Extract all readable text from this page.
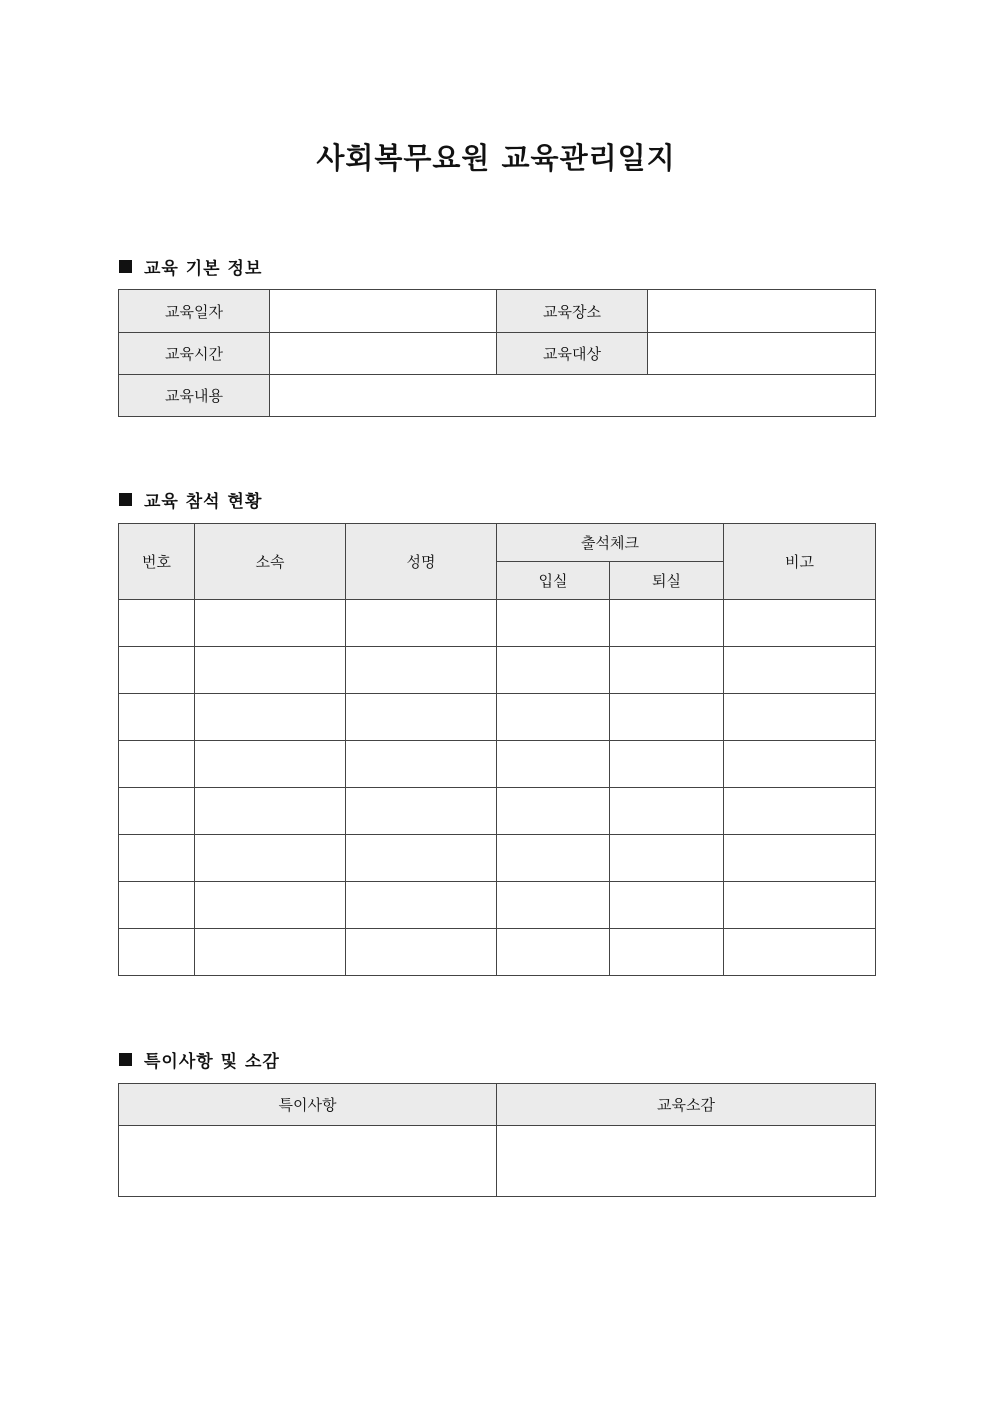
사회복무요원 교육관리일지
교육 기본 정보
교육일자		교육장소	
교육시간		교육대상	
교육내용			
교육 참석 현황
번호	소속	성명	출석체크		비고
			입실	퇴실	

특이사항 및 소감
특이사항	교육소감
